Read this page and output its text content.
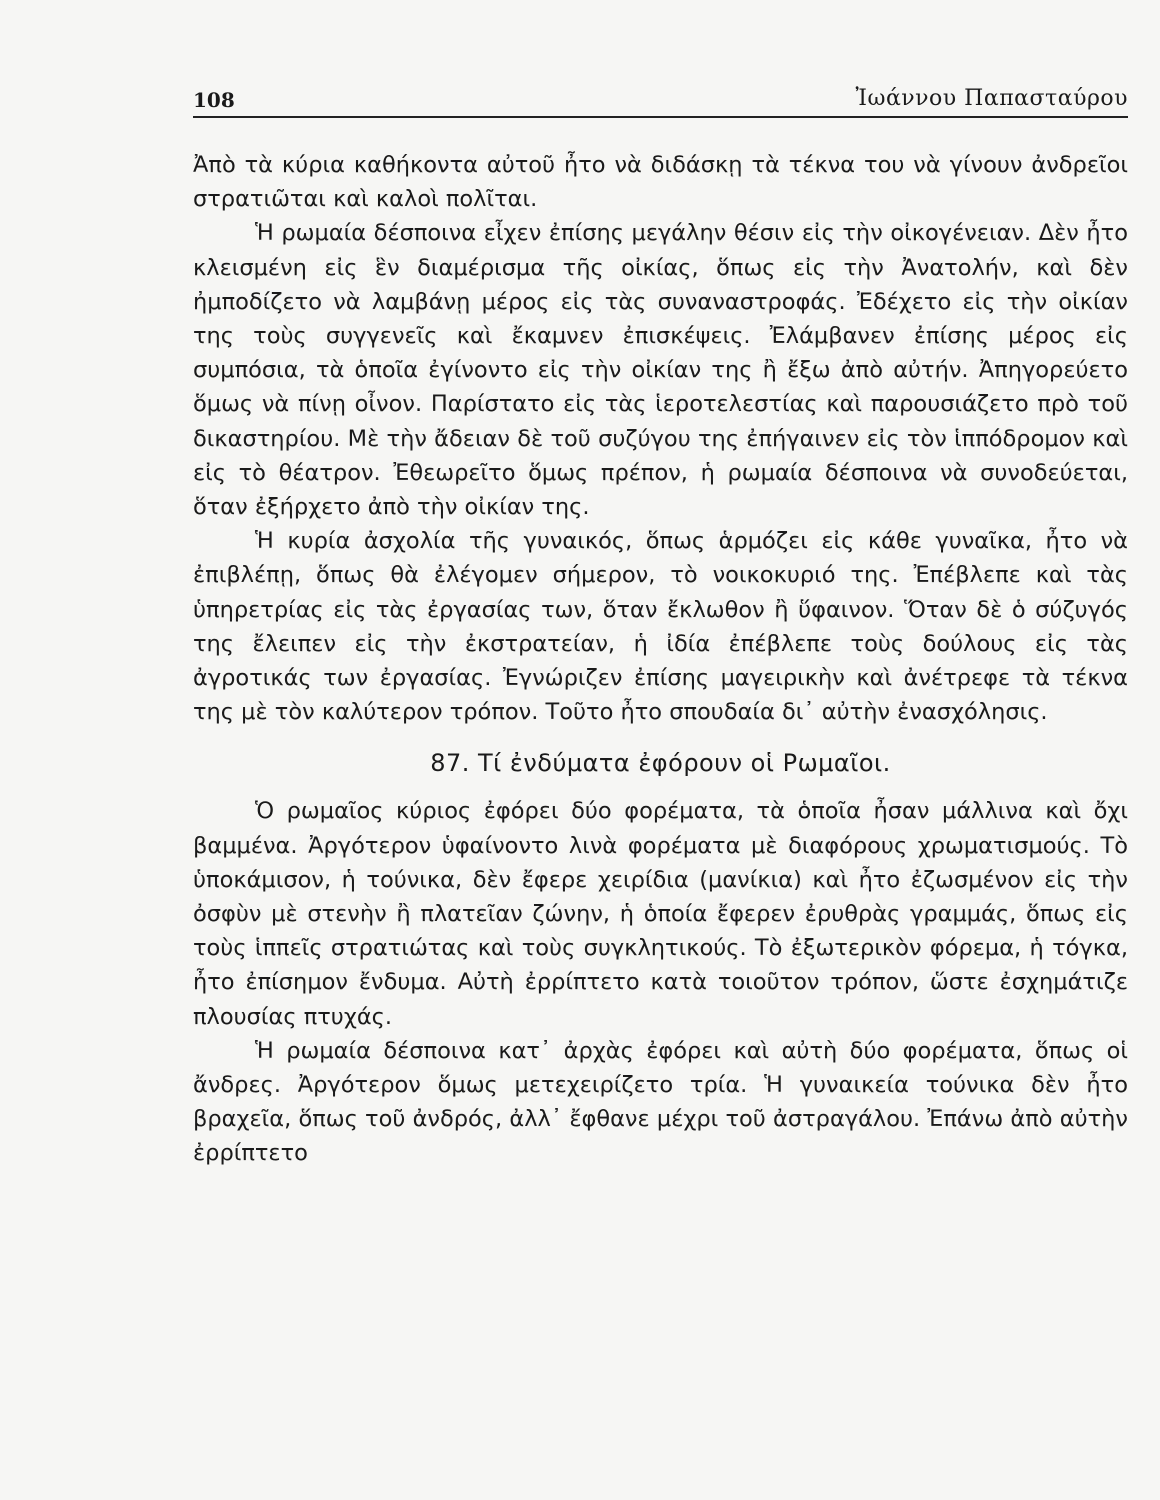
108	Ἰωάννου Παπασταύρου

Ἀπὸ τὰ κύρια καθήκοντα αὐτοῦ ἦτο νὰ διδάσκῃ τὰ τέκνα του νὰ γίνουν ἀνδρεῖοι στρατιῶται καὶ καλοὶ πολῖται.

Ἡ ρωμαία δέσποινα εἶχεν ἐπίσης μεγάλην θέσιν εἰς τὴν οἰκογένειαν. Δὲν ἦτο κλεισμένη εἰς ἓν διαμέρισμα τῆς οἰκίας, ὅπως εἰς τὴν Ἀνατολήν, καὶ δὲν ἠμποδίζετο νὰ λαμβάνῃ μέρος εἰς τὰς συναναστροφάς. Ἐδέχετο εἰς τὴν οἰκίαν της τοὺς συγγενεῖς καὶ ἔκαμνεν ἐπισκέψεις. Ἐλάμβανεν ἐπίσης μέρος εἰς συμπόσια, τὰ ὁποῖα ἐγίνοντο εἰς τὴν οἰκίαν της ἢ ἔξω ἀπὸ αὐτήν. Ἀπηγορεύετο ὅμως νὰ πίνῃ οἶνον. Παρίστατο εἰς τὰς ἱεροτελεστίας καὶ παρουσιάζετο πρὸ τοῦ δικαστηρίου. Μὲ τὴν ἄδειαν δὲ τοῦ συζύγου της ἐπήγαινεν εἰς τὸν ἱππόδρομον καὶ εἰς τὸ θέατρον. Ἐθεωρεῖτο ὅμως πρέπον, ἡ ρωμαία δέσποινα νὰ συνοδεύεται, ὅταν ἐξήρχετο ἀπὸ τὴν οἰκίαν της.

Ἡ κυρία ἀσχολία τῆς γυναικός, ὅπως ἁρμόζει εἰς κάθε γυναῖκα, ἦτο νὰ ἐπιβλέπῃ, ὅπως θὰ ἐλέγομεν σήμερον, τὸ νοικοκυριό της. Ἐπέβλεπε καὶ τὰς ὑπηρετρίας εἰς τὰς ἐργασίας των, ὅταν ἔκλωθον ἢ ὕφαινον. Ὅταν δὲ ὁ σύζυγός της ἔλειπεν εἰς τὴν ἐκστρατείαν, ἡ ἰδία ἐπέβλεπε τοὺς δούλους εἰς τὰς ἀγροτικάς των ἐργασίας. Ἐγνώριζεν ἐπίσης μαγειρικὴν καὶ ἀνέτρεφε τὰ τέκνα της μὲ τὸν καλύτερον τρόπον. Τοῦτο ἦτο σπουδαία δι᾽ αὐτὴν ἐνασχόλησις.

87. Τί ἐνδύματα ἐφόρουν οἱ Ρωμαῖοι.

Ὁ ρωμαῖος κύριος ἐφόρει δύο φορέματα, τὰ ὁποῖα ἦσαν μάλλινα καὶ ὄχι βαμμένα. Ἀργότερον ὑφαίνοντο λινὰ φορέματα μὲ διαφόρους χρωματισμούς. Τὸ ὑποκάμισον, ἡ τούνικα, δὲν ἔφερε χειρίδια (μανίκια) καὶ ἦτο ἐζωσμένον εἰς τὴν ὀσφὺν μὲ στενὴν ἢ πλατεῖαν ζώνην, ἡ ὁποία ἔφερεν ἐρυθρὰς γραμμάς, ὅπως εἰς τοὺς ἱππεῖς στρατιώτας καὶ τοὺς συγκλητικούς. Τὸ ἐξωτερικὸν φόρεμα, ἡ τόγκα, ἦτο ἐπίσημον ἔνδυμα. Αὐτὴ ἐρρίπτετο κατὰ τοιοῦτον τρόπον, ὥστε ἐσχημάτιζε πλουσίας πτυχάς.

Ἡ ρωμαία δέσποινα κατ᾽ ἀρχὰς ἐφόρει καὶ αὐτὴ δύο φορέματα, ὅπως οἱ ἄνδρες. Ἀργότερον ὅμως μετεχειρίζετο τρία. Ἡ γυναικεία τούνικα δὲν ἦτο βραχεῖα, ὅπως τοῦ ἀνδρός, ἀλλ᾽ ἔφθανε μέχρι τοῦ ἀστραγάλου. Ἐπάνω ἀπὸ αὐτὴν ἐρρίπτετο
